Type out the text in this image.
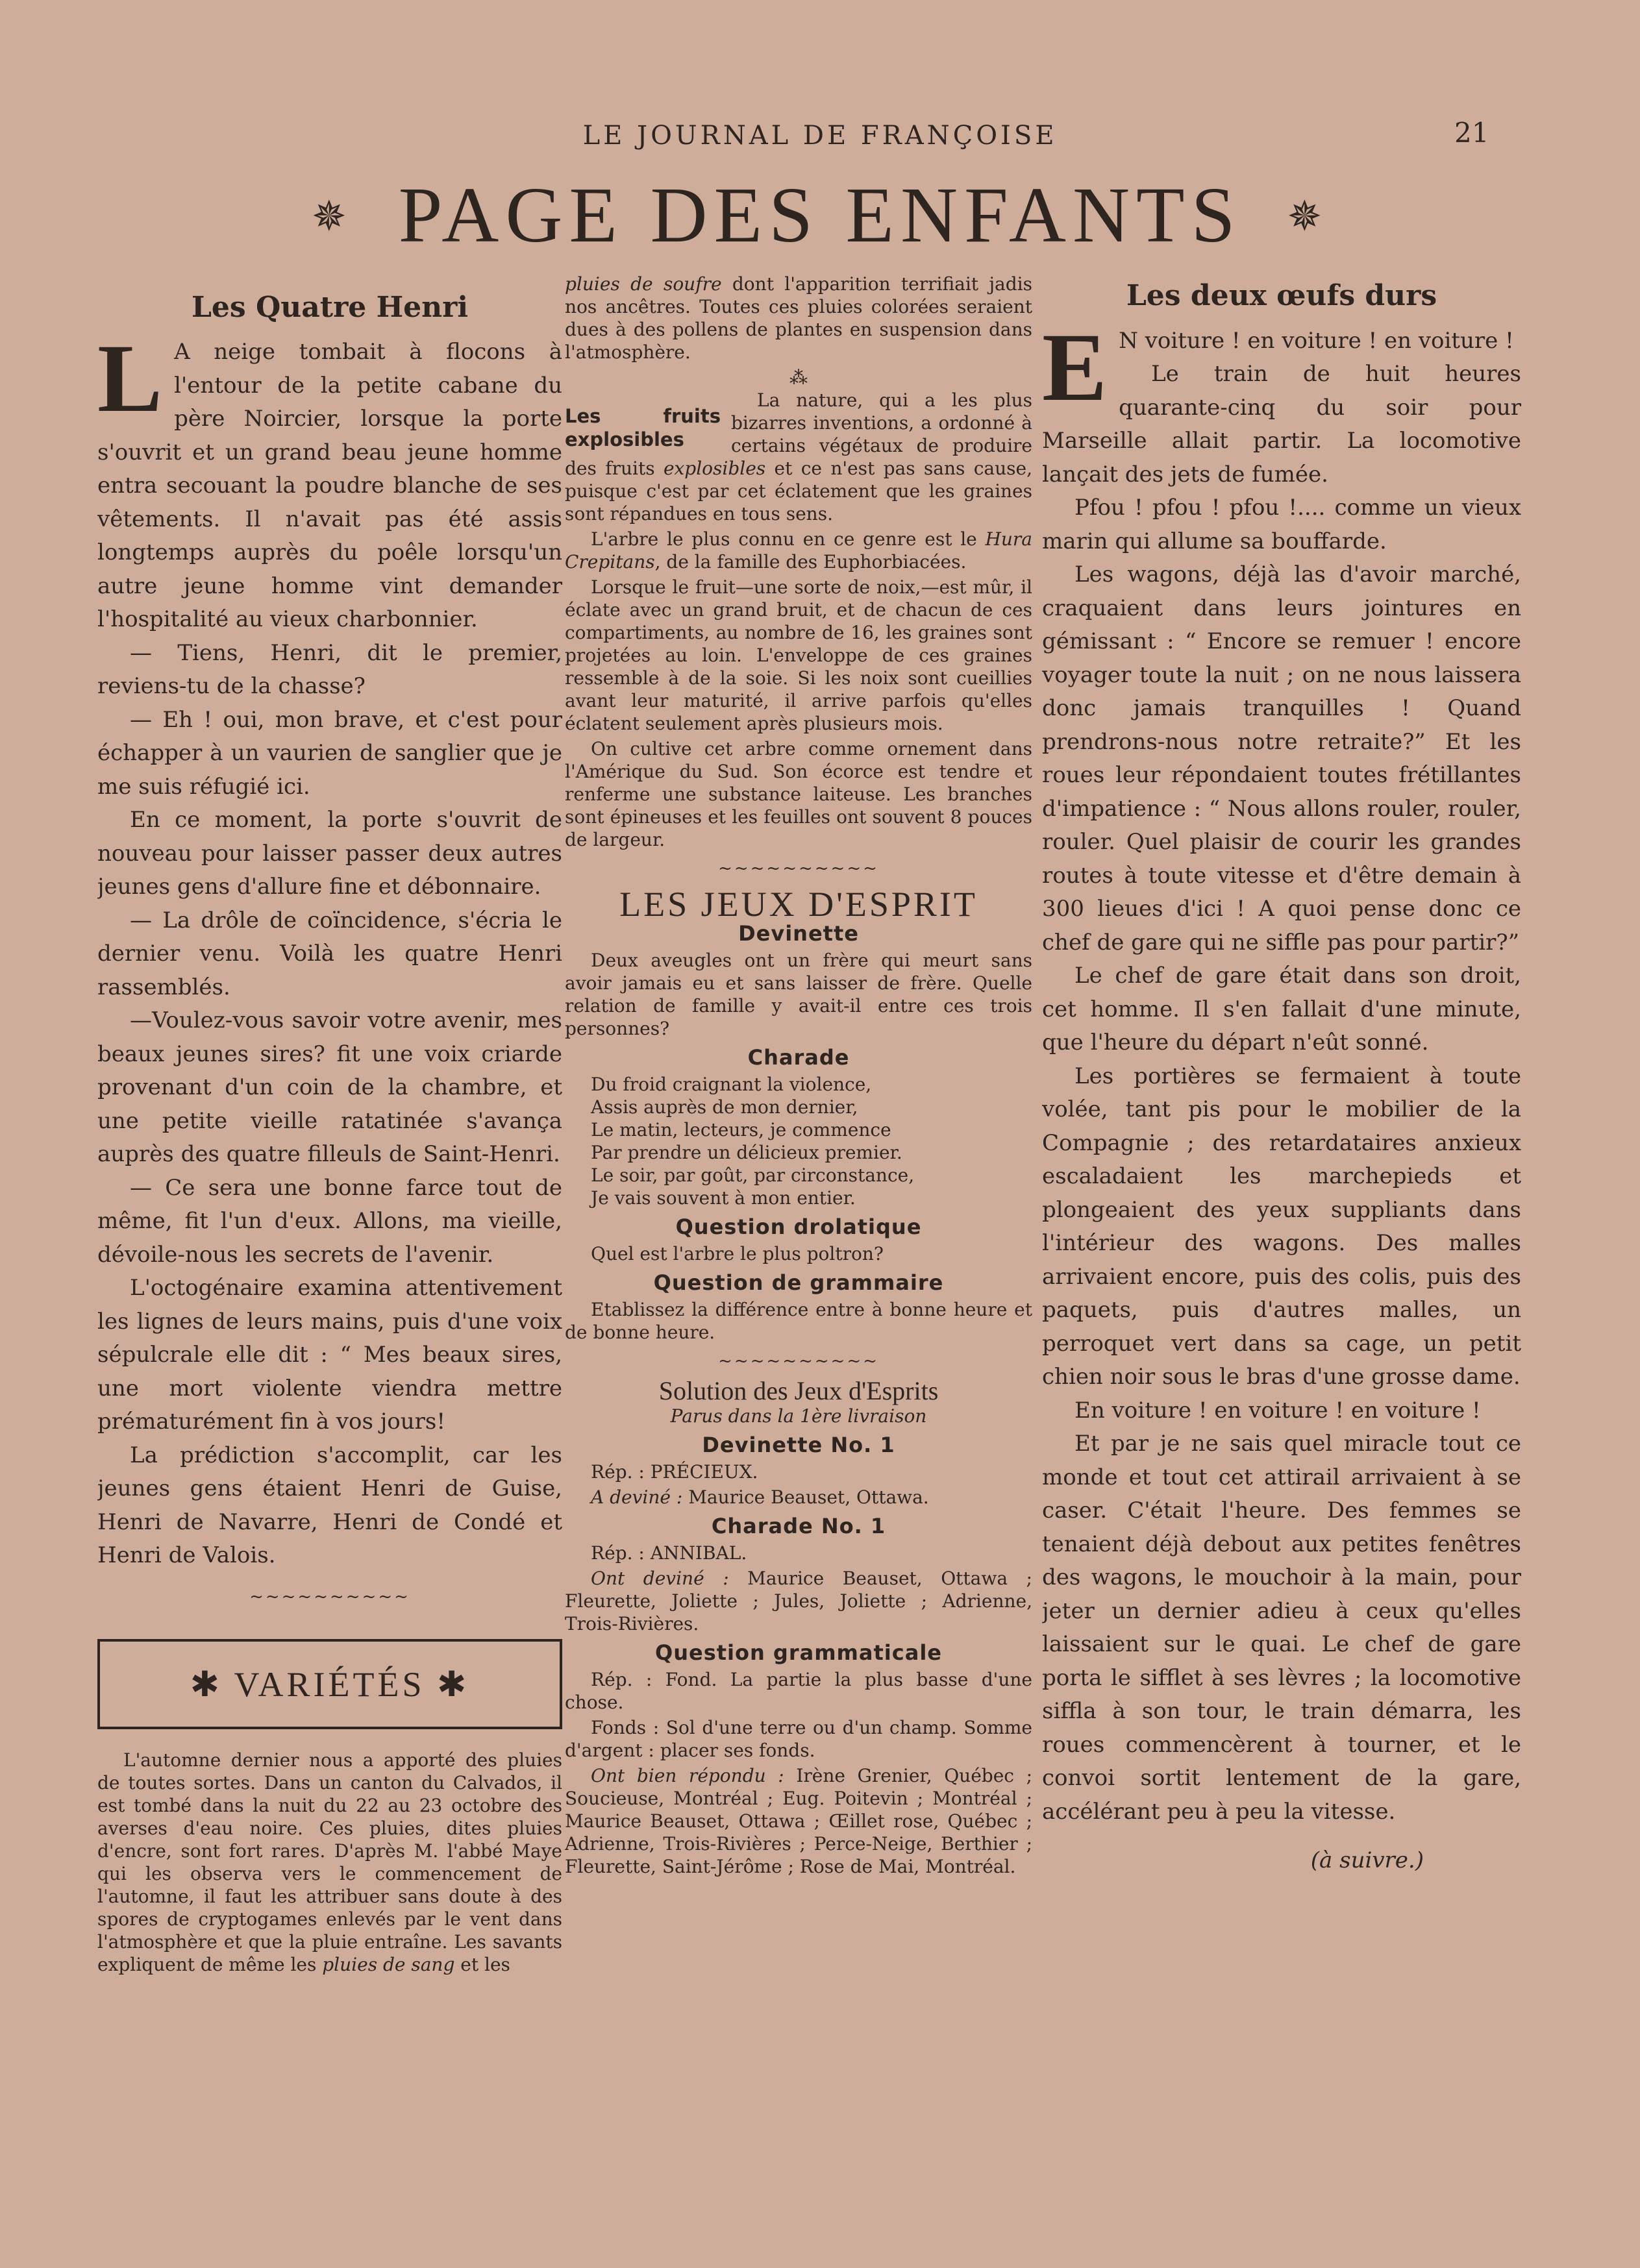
LE JOURNAL DE FRANÇOISE	21
✵ PAGE DES ENFANTS ✵
Les Quatre Henri

L A neige tombait à flocons à l'entour de la petite cabane du père Noircier, lorsque la porte s'ouvrit et un grand beau jeune homme entra secouant la poudre blanche de ses vêtements. Il n'avait pas été assis longtemps auprès du poêle lorsqu'un autre jeune homme vint demander l'hospitalité au vieux charbonnier.

— Tiens, Henri, dit le premier, reviens-tu de la chasse?

— Eh ! oui, mon brave, et c'est pour échapper à un vaurien de sanglier que je me suis réfugié ici.

En ce moment, la porte s'ouvrit de nouveau pour laisser passer deux autres jeunes gens d'allure fine et débonnaire.

— La drôle de coïncidence, s'écria le dernier venu. Voilà les quatre Henri rassemblés.

—Voulez-vous savoir votre avenir, mes beaux jeunes sires? fit une voix criarde provenant d'un coin de la chambre, et une petite vieille ratatinée s'avança auprès des quatre filleuls de Saint-Henri.

— Ce sera une bonne farce tout de même, fit l'un d'eux. Allons, ma vieille, dévoile-nous les secrets de l'avenir.

L'octogénaire examina attentivement les lignes de leurs mains, puis d'une voix sépulcrale elle dit : “ Mes beaux sires, une mort violente viendra mettre prématurément fin à vos jours!

La prédiction s'accomplit, car les jeunes gens étaient Henri de Guise, Henri de Navarre, Henri de Condé et Henri de Valois.

~~~~~~~~~~
✱ VARIÉTÉS ✱

L'automne dernier nous a apporté des pluies de toutes sortes. Dans un canton du Calvados, il est tombé dans la nuit du 22 au 23 octobre des averses d'eau noire. Ces pluies, dites pluies d'encre, sont fort rares. D'après M. l'abbé Maye qui les observa vers le commencement de l'automne, il faut les attribuer sans doute à des spores de cryptogames enlevés par le vent dans l'atmosphère et que la pluie entraîne. Les savants expliquent de même les pluies de sang et les

pluies de soufre dont l'apparition terrifiait jadis nos ancêtres. Toutes ces pluies colorées seraient dues à des pollens de plantes en suspension dans l'atmosphère.

⁂
Les fruits explosibles

La nature, qui a les plus bizarres inventions, a ordonné à certains végétaux de produire des fruits explosibles et ce n'est pas sans cause, puisque c'est par cet éclatement que les graines sont répandues en tous sens.

L'arbre le plus connu en ce genre est le Hura Crepitans, de la famille des Euphorbiacées.

Lorsque le fruit—une sorte de noix,—est mûr, il éclate avec un grand bruit, et de chacun de ces compartiments, au nombre de 16, les graines sont projetées au loin. L'enveloppe de ces graines ressemble à de la soie. Si les noix sont cueillies avant leur maturité, il arrive parfois qu'elles éclatent seulement après plusieurs mois.

On cultive cet arbre comme ornement dans l'Amérique du Sud. Son écorce est tendre et renferme une substance laiteuse. Les branches sont épineuses et les feuilles ont souvent 8 pouces de largeur.

~~~~~~~~~~
LES JEUX D'ESPRIT
Devinette

Deux aveugles ont un frère qui meurt sans avoir jamais eu et sans laisser de frère. Quelle relation de famille y avait-il entre ces trois personnes?

Charade
Du froid craignant la violence,
Assis auprès de mon dernier,
Le matin, lecteurs, je commence
Par prendre un délicieux premier.
Le soir, par goût, par circonstance,
Je vais souvent à mon entier.
Question drolatique

Quel est l'arbre le plus poltron?

Question de grammaire

Etablissez la différence entre à bonne heure et de bonne heure.

~~~~~~~~~~
Solution des Jeux d'Esprits
Parus dans la 1ère livraison
Devinette No. 1

Rép. : PRÉCIEUX.

A deviné : Maurice Beauset, Ottawa.

Charade No. 1

Rép. : ANNIBAL.

Ont deviné : Maurice Beauset, Ottawa ; Fleurette, Joliette ; Jules, Joliette ; Adrienne, Trois-Rivières.

Question grammaticale

Rép. : Fond. La partie la plus basse d'une chose.

Fonds : Sol d'une terre ou d'un champ. Somme d'argent : placer ses fonds.

Ont bien répondu : Irène Grenier, Québec ; Soucieuse, Montréal ; Eug. Poitevin ; Montréal ; Maurice Beauset, Ottawa ; Œillet rose, Québec ; Adrienne, Trois-Rivières ; Perce-Neige, Berthier ; Fleurette, Saint-Jérôme ; Rose de Mai, Montréal.

Les deux œufs durs

E N voiture ! en voiture ! en voiture !

Le train de huit heures quarante-cinq du soir pour Marseille allait partir. La locomotive lançait des jets de fumée.

Pfou ! pfou ! pfou !.... comme un vieux marin qui allume sa bouffarde.

Les wagons, déjà las d'avoir marché, craquaient dans leurs jointures en gémissant : “ Encore se remuer ! encore voyager toute la nuit ; on ne nous laissera donc jamais tranquilles ! Quand prendrons-nous notre retraite?” Et les roues leur répondaient toutes frétillantes d'impatience : “ Nous allons rouler, rouler, rouler. Quel plaisir de courir les grandes routes à toute vitesse et d'être demain à 300 lieues d'ici ! A quoi pense donc ce chef de gare qui ne siffle pas pour partir?”

Le chef de gare était dans son droit, cet homme. Il s'en fallait d'une minute, que l'heure du départ n'eût sonné.

Les portières se fermaient à toute volée, tant pis pour le mobilier de la Compagnie ; des retardataires anxieux escaladaient les marchepieds et plongeaient des yeux suppliants dans l'intérieur des wagons. Des malles arrivaient encore, puis des colis, puis des paquets, puis d'autres malles, un perroquet vert dans sa cage, un petit chien noir sous le bras d'une grosse dame.

En voiture ! en voiture ! en voiture !

Et par je ne sais quel miracle tout ce monde et tout cet attirail arrivaient à se caser. C'était l'heure. Des femmes se tenaient déjà debout aux petites fenêtres des wagons, le mouchoir à la main, pour jeter un dernier adieu à ceux qu'elles laissaient sur le quai. Le chef de gare porta le sifflet à ses lèvres ; la locomotive siffla à son tour, le train démarra, les roues commencèrent à tourner, et le convoi sortit lentement de la gare, accélérant peu à peu la vitesse.

(à suivre.)
